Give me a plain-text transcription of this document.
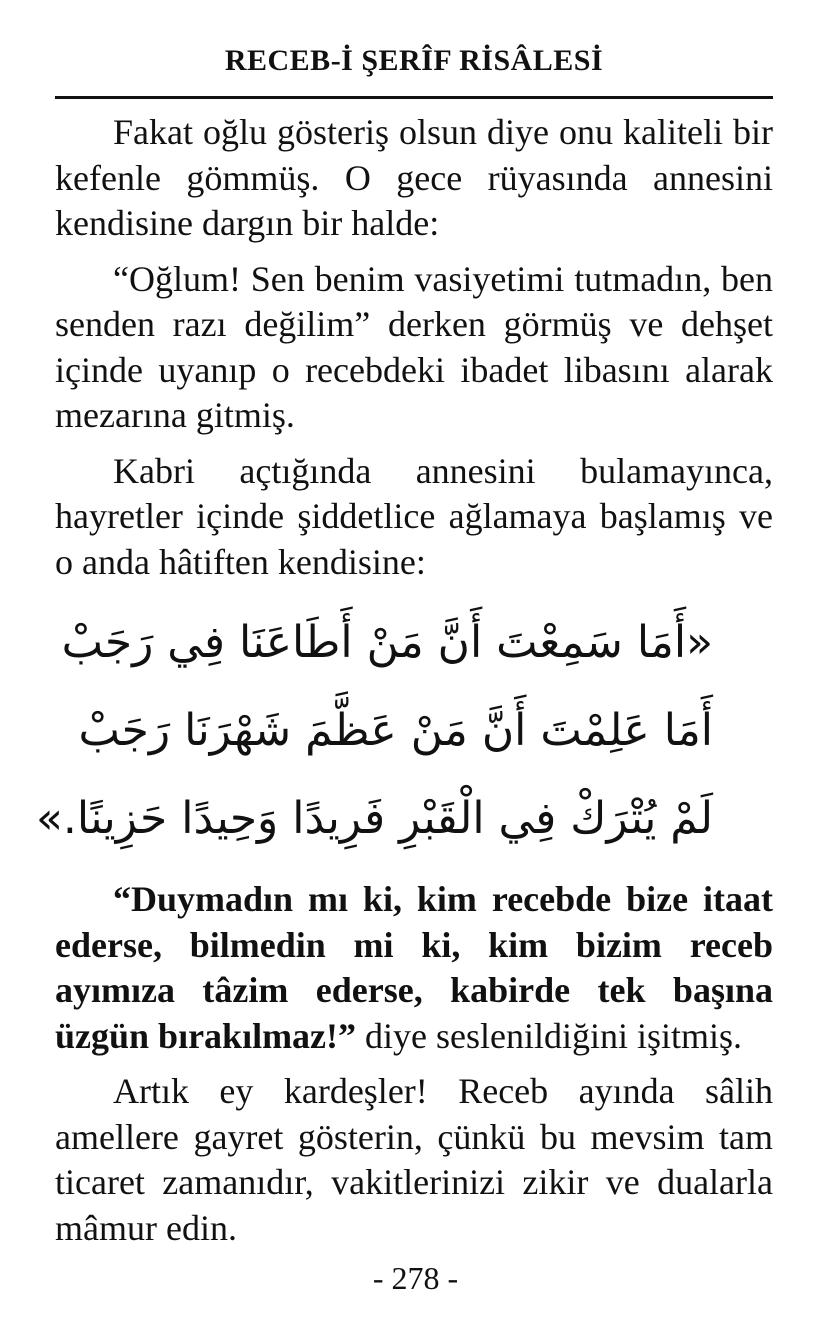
RECEB-İ ŞERÎF RİSÂLESİ

Fakat oğlu gösteriş olsun diye onu kaliteli bir kefenle gömmüş. O gece rüyasında annesini kendisine dargın bir halde:

“Oğlum! Sen benim vasiyetimi tutmadın, ben senden razı değilim” derken görmüş ve dehşet içinde uyanıp o recebdeki ibadet libasını alarak mezarına gitmiş.

Kabri açtığında annesini bulamayınca, hayretler içinde şiddetlice ağlamaya başlamış ve o anda hâtiften kendisine:

«أَمَا سَمِعْتَ أَنَّ مَنْ أَطَاعَنَا فِي رَجَبْ
أَمَا عَلِمْتَ أَنَّ مَنْ عَظَّمَ شَهْرَنَا رَجَبْ
لَمْ يُتْرَكْ فِي الْقَبْرِ فَرِيدًا وَحِيدًا حَزِينًا.»

“Duymadın mı ki, kim recebde bize itaat ederse, bilmedin mi ki, kim bizim receb ayımıza tâzim ederse, kabirde tek başına üzgün bırakılmaz!” diye seslenildiğini işitmiş.

Artık ey kardeşler! Receb ayında sâlih amellere gayret gösterin, çünkü bu mevsim tam ticaret zamanıdır, vakitlerinizi zikir ve dualarla mâmur edin.

- 278 -
